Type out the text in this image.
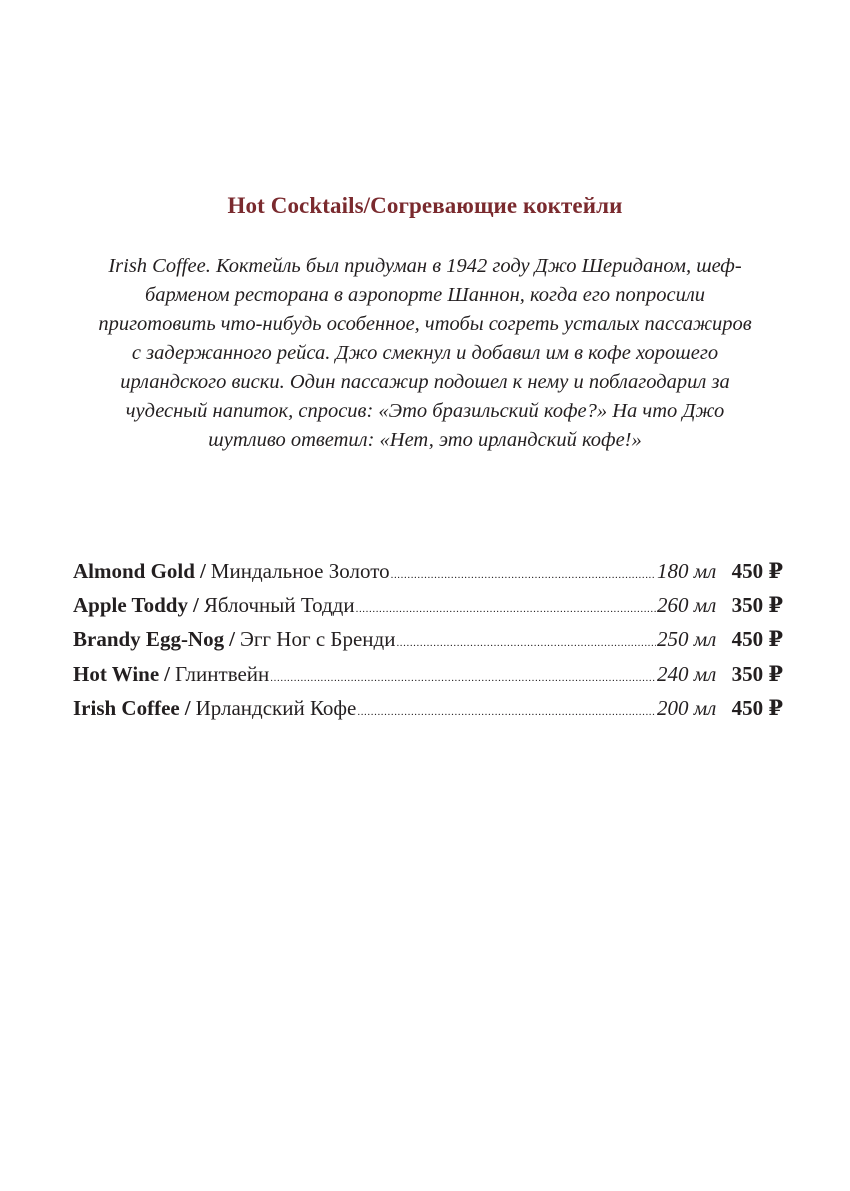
Hot Cocktails/Согревающие коктейли
Irish Coffee. Коктейль был придуман в 1942 году Джо Шериданом, шеф-барменом ресторана в аэропорте Шаннон, когда его попросили приготовить что-нибудь особенное, чтобы согреть усталых пассажиров с задержанного рейса. Джо смекнул и добавил им в кофе хорошего ирландского виски. Один пассажир подошел к нему и поблагодарил за чудесный напиток, спросив: «Это бразильский кофе?» На что Джо шутливо ответил: «Нет, это ирландский кофе!»
Almond Gold / Миндальное Золото .....	180 мл 450 ₽
Apple Toddy / Яблочный Тодди .....	260 мл 350 ₽
Brandy Egg-Nog / Эгг Ног с Бренди .....	250 мл 450 ₽
Hot Wine / Глинтвейн .....	240 мл 350 ₽
Irish Coffee / Ирландский Кофе .....	200 мл 450 ₽
